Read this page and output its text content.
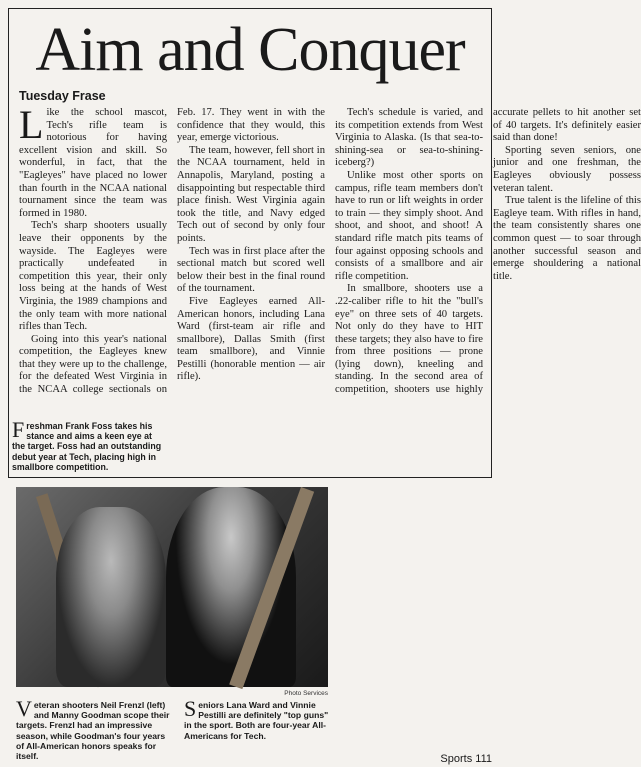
Aim and Conquer
Tuesday Frase

Like the school mascot, Tech's rifle team is notorious for having excellent vision and skill. So wonderful, in fact, that the "Eagleyes" have placed no lower than fourth in the NCAA national tournament since the team was formed in 1980.

Tech's sharp shooters usually leave their opponents by the wayside. The Eagleyes were practically undefeated in competition this year, their only loss being at the hands of West Virginia, the 1989 champions and the only team with more national rifles than Tech.

Going into this year's national competition, the Eagleyes knew that they were up to the challenge, for the defeated West Virginia in the NCAA college sectionals on Feb. 17. They went in with the confidence that they would, this year, emerge victorious.

The team, however, fell short in the NCAA tournament, held in Annapolis, Maryland, posting a disappointing but respectable third place finish. West Virginia again took the title, and Navy edged Tech out of second by only four points.

Tech was in first place after the sectional match but scored well below their best in the final round of the tournament.

Five Eagleyes earned All-American honors, including Lana Ward (first-team air rifle and smallbore), Dallas Smith (first team smallbore), and Vinnie Pestilli (honorable mention — air rifle).

Tech's schedule is varied, and its competition extends from West Virginia to Alaska. (Is that sea-to-shining-sea or sea-to-shining-iceberg?)

Unlike most other sports on campus, rifle team members don't have to run or lift weights in order to train — they simply shoot. And shoot, and shoot, and shoot! A standard rifle match pits teams of four against opposing schools and consists of a smallbore and air rifle competition.

In smallbore, shooters use a .22-caliber rifle to hit the "bull's eye" on three sets of 40 targets. Not only do they have to HIT these targets; they also have to fire from three positions — prone (lying down), kneeling and standing. In the second area of competition, shooters use highly accurate pellets to hit another set of 40 targets. It's definitely easier said than done!

Sporting seven seniors, one junior and one freshman, the Eagleyes obviously possess veteran talent.

True talent is the lifeline of this Eagleye team. With rifles in hand, the team consistently shares one common quest — to soar through another successful season and emerge shouldering a national title.

Freshman Frank Foss takes his stance and aims a keen eye at the target. Foss had an outstanding debut year at Tech, placing high in smallbore competition.
Photo Services
Veteran shooters Neil Frenzl (left) and Manny Goodman scope their targets. Frenzl had an impressive season, while Goodman's four years of All-American honors speaks for itself.
Seniors Lana Ward and Vinnie Pestilli are definitely "top guns" in the sport. Both are four-year All-Americans for Tech.
Sports 111
